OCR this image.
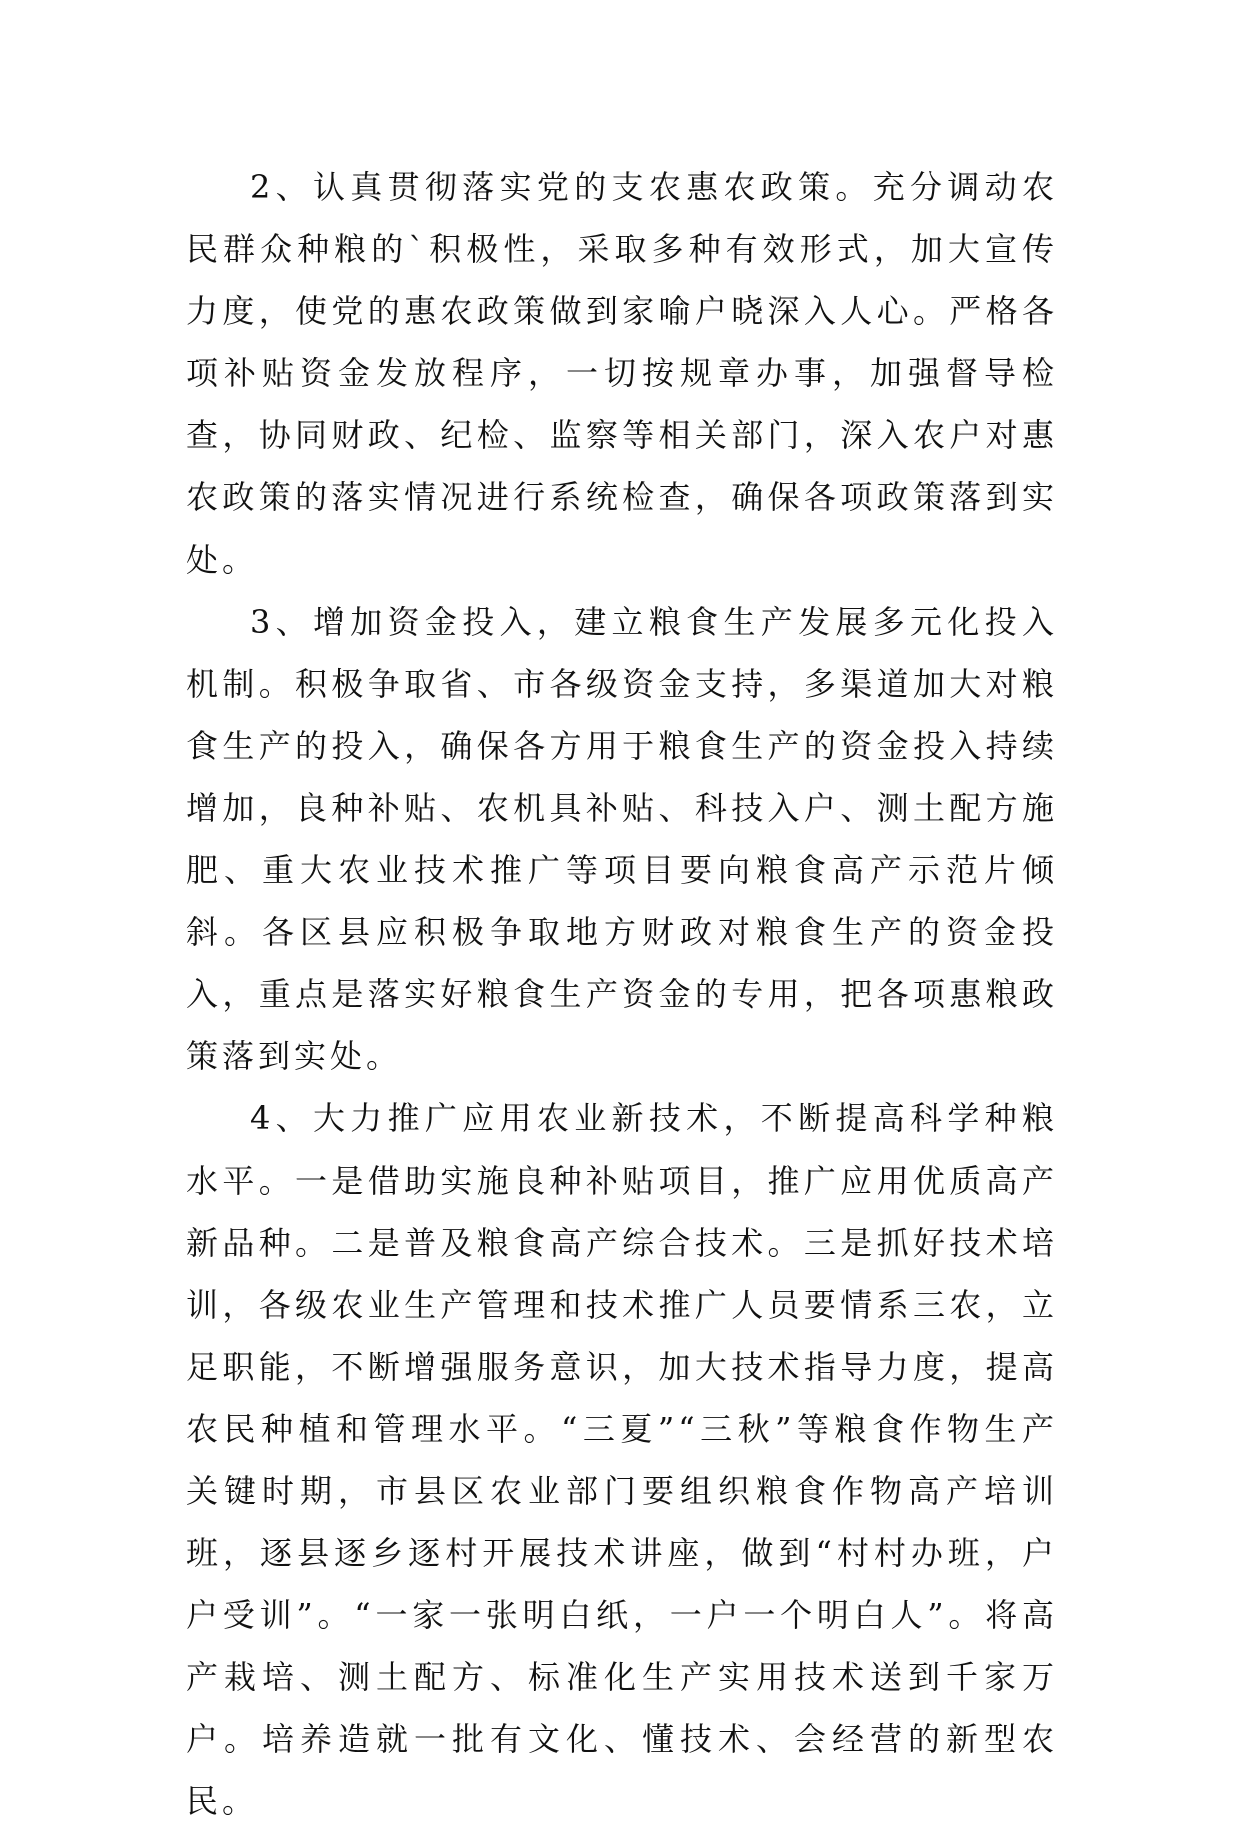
2、认真贯彻落实党的支农惠农政策。充分调动农民群众种粮的`积极性，采取多种有效形式，加大宣传力度，使党的惠农政策做到家喻户晓深入人心。严格各项补贴资金发放程序，一切按规章办事，加强督导检查，协同财政、纪检、监察等相关部门，深入农户对惠农政策的落实情况进行系统检查，确保各项政策落到实处。

3、增加资金投入，建立粮食生产发展多元化投入机制。积极争取省、市各级资金支持，多渠道加大对粮食生产的投入，确保各方用于粮食生产的资金投入持续增加，良种补贴、农机具补贴、科技入户、测土配方施肥、重大农业技术推广等项目要向粮食高产示范片倾斜。各区县应积极争取地方财政对粮食生产的资金投入，重点是落实好粮食生产资金的专用，把各项惠粮政策落到实处。

4、大力推广应用农业新技术，不断提高科学种粮水平。一是借助实施良种补贴项目，推广应用优质高产新品种。二是普及粮食高产综合技术。三是抓好技术培训，各级农业生产管理和技术推广人员要情系三农，立足职能，不断增强服务意识，加大技术指导力度，提高农民种植和管理水平。“三夏”“三秋”等粮食作物生产关键时期，市县区农业部门要组织粮食作物高产培训班，逐县逐乡逐村开展技术讲座，做到“村村办班，户户受训”。“一家一张明白纸，一户一个明白人”。将高产栽培、测土配方、标准化生产实用技术送到千家万户。培养造就一批有文化、懂技术、会经营的新型农民。
